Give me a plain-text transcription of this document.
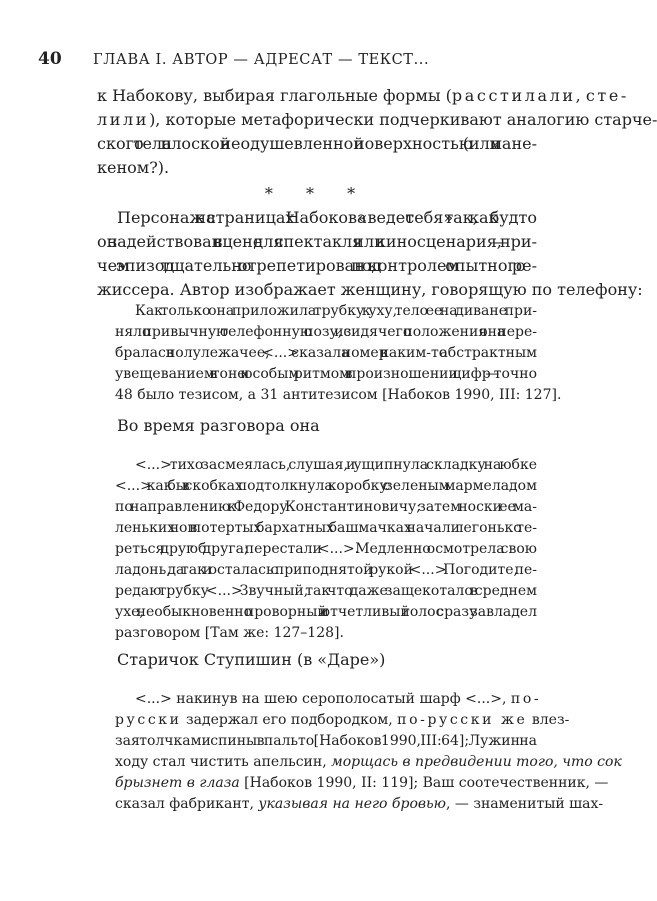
40 ГЛАВА I. АВТОР — АДРЕСАТ — ТЕКСТ...
к Набокову, выбирая глагольные формы ( расстилали , сте-
лили ), которые метафорически подчеркивают аналогию старче-
ского тела с плоской неодушевленной поверхностью (или с мане-
кеном?).
* * *
Персонаж на страницах Набокова «ведет себя» так, как будто
он задействован в сцене для спектакля или киносценария, — при-
чем эпизод тщательно отрепетирован под контролем опытного ре-
жиссера. Автор изображает женщину, говорящую по телефону:
Как только она приложила трубку к уху, тело ее на диване при-
няло привычную телефонную позу, из сидячего положения она пере-
бралась в полулежачее; <...> сказала номер с каким-то абстрактным
увещеванием в тоне и особым ритмом в произношении цифр — точно
48 было тезисом, а 31 антитезисом [Набоков 1990, III: 127].
Во время разговора она
<...> тихо засмеялась, слушая, и ущипнула складку на юбке
<...> как бы в скобках подтолкнула коробку с зеленым мармеладом
по направлению к Федору Константиновичу; затем носки ее ма-
леньких ног в потертых бархатных башмачках начали легонько те-
реться друг об друга; перестали <...>. Медленно осмотрела свою
ладонь, да так и осталась с приподнятой рукой <...> Погодите, пе-
редаю трубку <...> Звучный, так что даже защекотало в среднем
ухе, необыкновенно проворный и отчетливый голос сразу завладел
разговором [Там же: 127–128].
Старичок Ступишин (в «Даре»)
<...> накинув на шею серополосатый шарф <...>, по-
русски задержал его подбородком, по-русски же влез-
зая толчками спины в пальто [Набоков 1990, III: 64]; Лужин на
ходу стал чистить апельсин, морщась в предвидении того, что сок
брызнет в глаза [Набоков 1990, II: 119]; Ваш соотечественник, —
сказал фабрикант, указывая на него бровью , — знаменитый шах-
